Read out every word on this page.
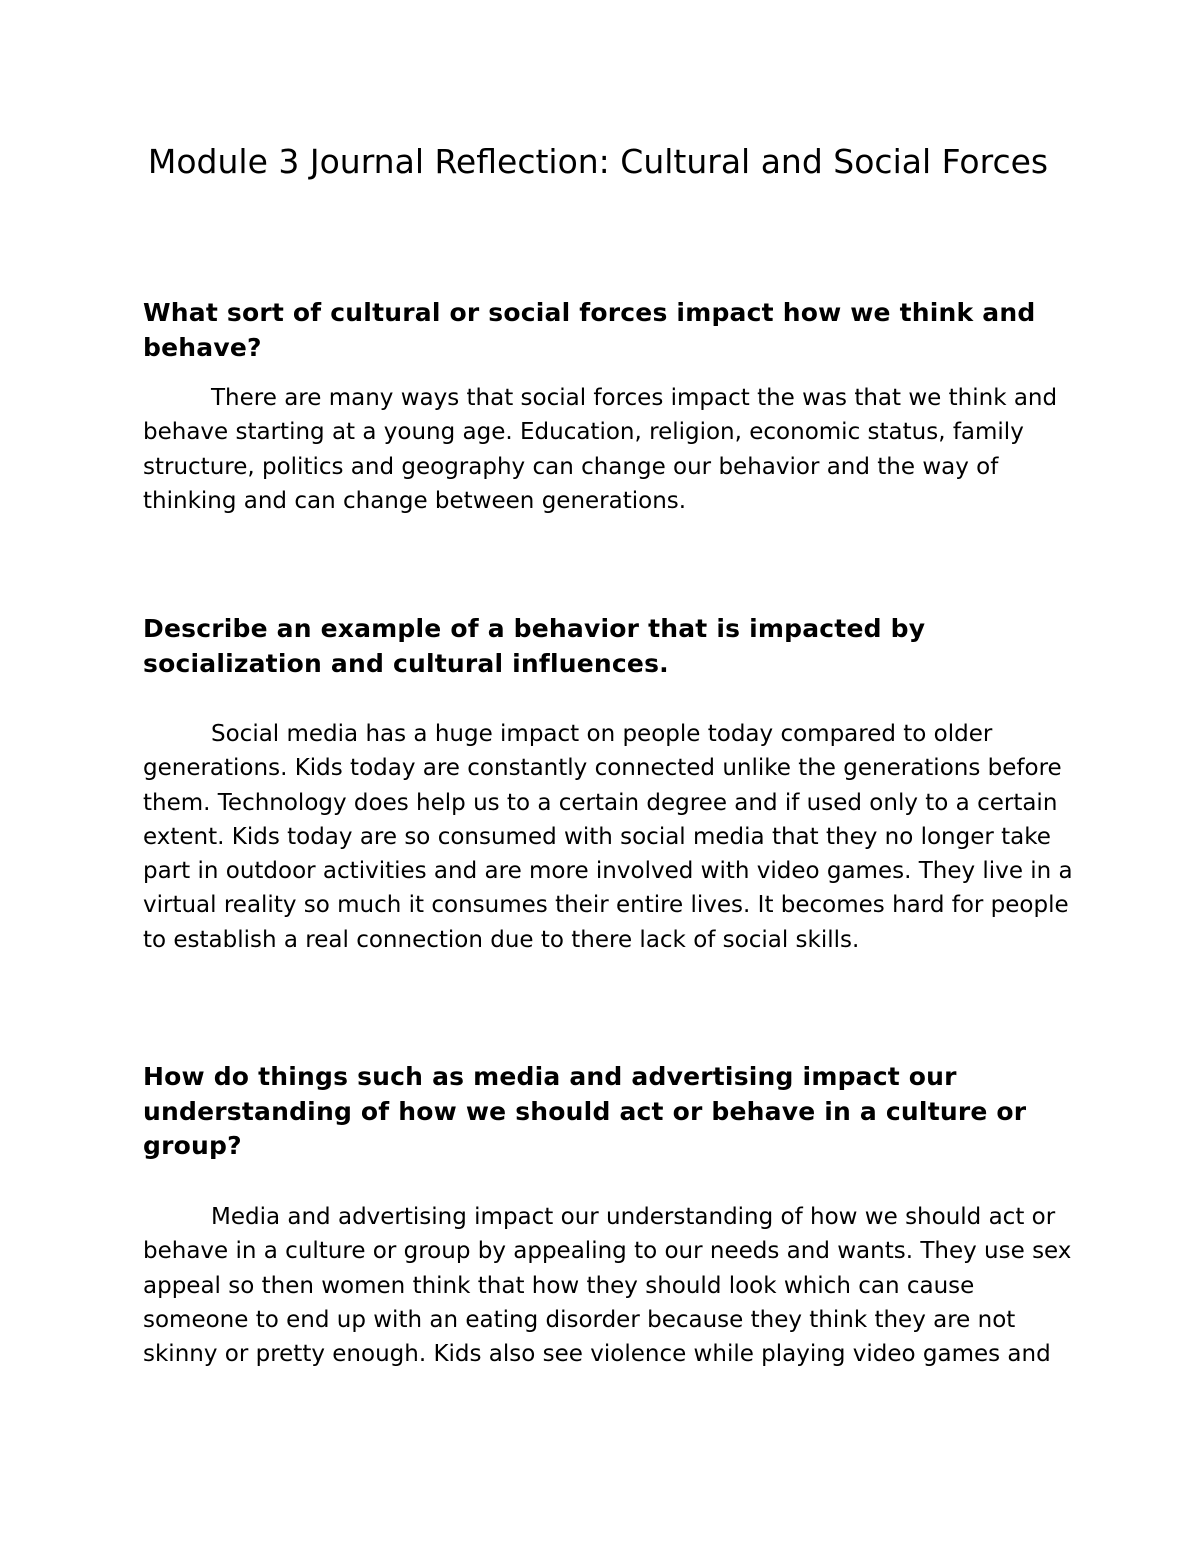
Module 3 Journal Reflection: Cultural and Social Forces

What sort of cultural or social forces impact how we think and behave?

There are many ways that social forces impact the was that we think and behave starting at a young age. Education, religion, economic status, family structure, politics and geography can change our behavior and the way of thinking and can change between generations.

Describe an example of a behavior that is impacted by socialization and cultural influences.

Social media has a huge impact on people today compared to older generations. Kids today are constantly connected unlike the generations before them. Technology does help us to a certain degree and if used only to a certain extent. Kids today are so consumed with social media that they no longer take part in outdoor activities and are more involved with video games. They live in a virtual reality so much it consumes their entire lives. It becomes hard for people to establish a real connection due to there lack of social skills.

How do things such as media and advertising impact our understanding of how we should act or behave in a culture or group?

Media and advertising impact our understanding of how we should act or behave in a culture or group by appealing to our needs and wants. They use sex appeal so then women think that how they should look which can cause someone to end up with an eating disorder because they think they are not skinny or pretty enough. Kids also see violence while playing video games and
